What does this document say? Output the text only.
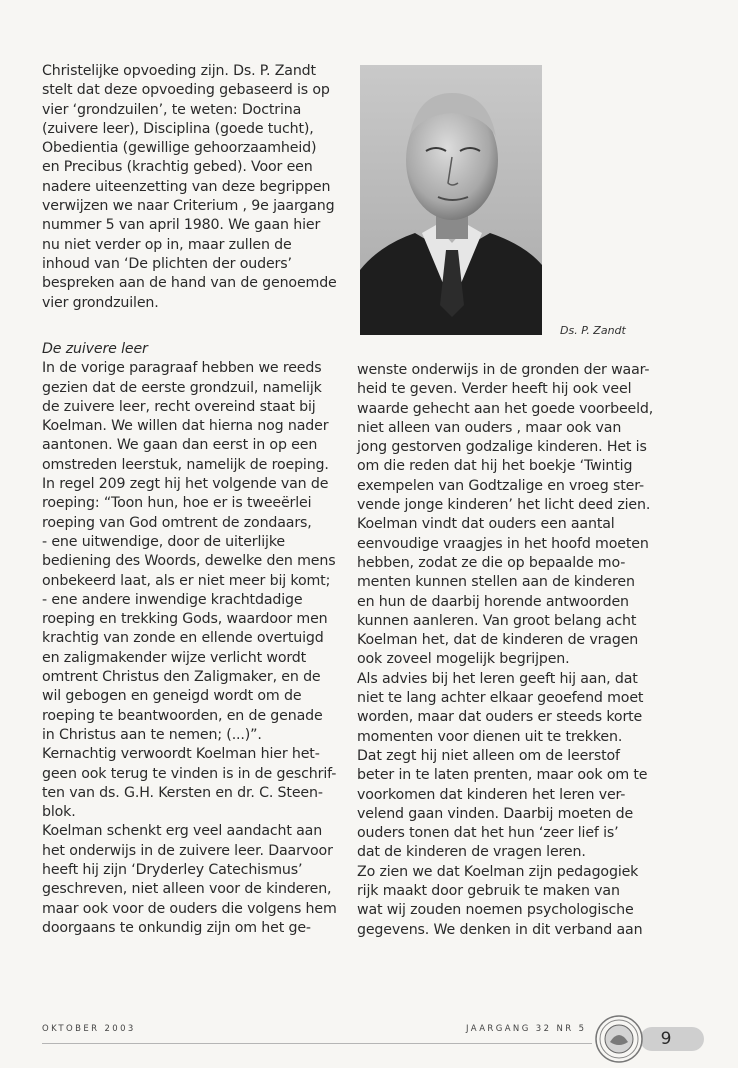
Christelijke opvoeding zijn. Ds. P. Zandt

stelt dat deze opvoeding gebaseerd is op

vier ‘grondzuilen’, te weten: Doctrina

(zuivere leer), Disciplina (goede tucht),

Obedientia (gewillige gehoorzaamheid)

en Precibus (krachtig gebed). Voor een

nadere uiteenzetting van deze begrippen

verwijzen we naar Criterium , 9e jaargang

nummer 5 van april 1980. We gaan hier

nu niet verder op in, maar zullen de

inhoud van ‘De plichten der ouders’

bespreken aan de hand van de genoemde

vier grondzuilen.

Ds. P. Zandt

De zuivere leer

In de vorige paragraaf hebben we reeds

gezien dat de eerste grondzuil, namelijk

de zuivere leer, recht overeind staat bij

Koelman. We willen dat hierna nog nader

aantonen. We gaan dan eerst in op een

omstreden leerstuk, namelijk de roeping.

In regel 209 zegt hij het volgende van de

roeping: “Toon hun, hoe er is tweeërlei

roeping van God omtrent de zondaars,

- ene uitwendige, door de uiterlijke

bediening des Woords, dewelke den mens

onbekeerd laat, als er niet meer bij komt;

- ene andere inwendige krachtdadige

roeping en trekking Gods, waardoor men

krachtig van zonde en ellende overtuigd

en zaligmakender wijze verlicht wordt

omtrent Christus den Zaligmaker, en de

wil gebogen en geneigd wordt om de

roeping te beantwoorden, en de genade

in Christus aan te nemen; (...)”.

Kernachtig verwoordt Koelman hier het-

geen ook terug te vinden is in de geschrif-

ten van ds. G.H. Kersten en dr. C. Steen-

blok.

Koelman schenkt erg veel aandacht aan

het onderwijs in de zuivere leer. Daarvoor

heeft hij zijn ‘Dryderley Catechismus’

geschreven, niet alleen voor de kinderen,

maar ook voor de ouders die volgens hem

doorgaans te onkundig zijn om het ge-

wenste onderwijs in de gronden der waar-

heid te geven. Verder heeft hij ook veel

waarde gehecht aan het goede voorbeeld,

niet alleen van ouders , maar ook van

jong gestorven godzalige kinderen. Het is

om die reden dat hij het boekje ‘Twintig

exempelen van Godtzalige en vroeg ster-

vende jonge kinderen’ het licht deed zien.

Koelman vindt dat ouders een aantal

eenvoudige vraagjes in het hoofd moeten

hebben, zodat ze die op bepaalde mo-

menten kunnen stellen aan de kinderen

en hun de daarbij horende antwoorden

kunnen aanleren. Van groot belang acht

Koelman het, dat de kinderen de vragen

ook zoveel mogelijk begrijpen.

Als advies bij het leren geeft hij aan, dat

niet te lang achter elkaar geoefend moet

worden, maar dat ouders er steeds korte

momenten voor dienen uit te trekken.

Dat zegt hij niet alleen om de leerstof

beter in te laten prenten, maar ook om te

voorkomen dat kinderen het leren ver-

velend gaan vinden. Daarbij moeten de

ouders tonen dat het hun ‘zeer lief is’

dat de kinderen de vragen leren.

Zo zien we dat Koelman zijn pedagogiek

rijk maakt door gebruik te maken van

wat wij zouden noemen psychologische

gegevens. We denken in dit verband aan

OKTOBER 2003	JAARGANG 32 NR 5	9
